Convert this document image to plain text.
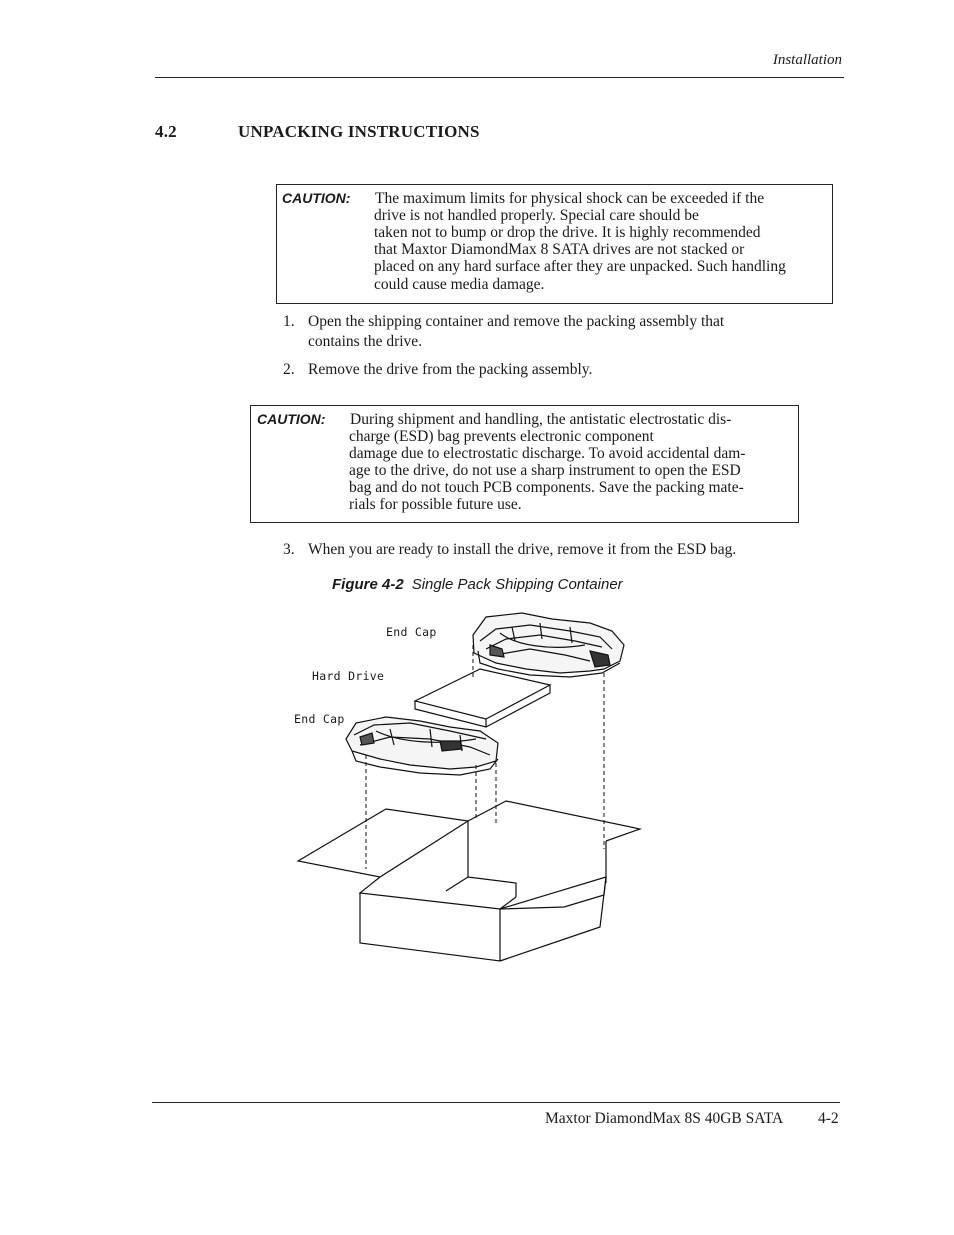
Installation
4.2	UNPACKING INSTRUCTIONS
CAUTION: The maximum limits for physical shock can be exceeded if the
drive is not handled properly. Special care should be
taken not to bump or drop the drive. It is highly recommended
that Maxtor DiamondMax 8 SATA drives are not stacked or
placed on any hard surface after they are unpacked. Such handling
could cause media damage.
1. Open the shipping container and remove the packing assembly that
contains the drive.
2. Remove the drive from the packing assembly.
CAUTION: During shipment and handling, the antistatic electrostatic dis-
charge (ESD) bag prevents electronic component
damage due to electrostatic discharge. To avoid accidental dam-
age to the drive, do not use a sharp instrument to open the ESD
bag and do not touch PCB components. Save the packing mate-
rials for possible future use.
3. When you are ready to install the drive, remove it from the ESD bag.
Figure 4-2 Single Pack Shipping Container
End Cap
Hard Drive
End Cap
Maxtor DiamondMax 8S 40GB SATA 4-2
